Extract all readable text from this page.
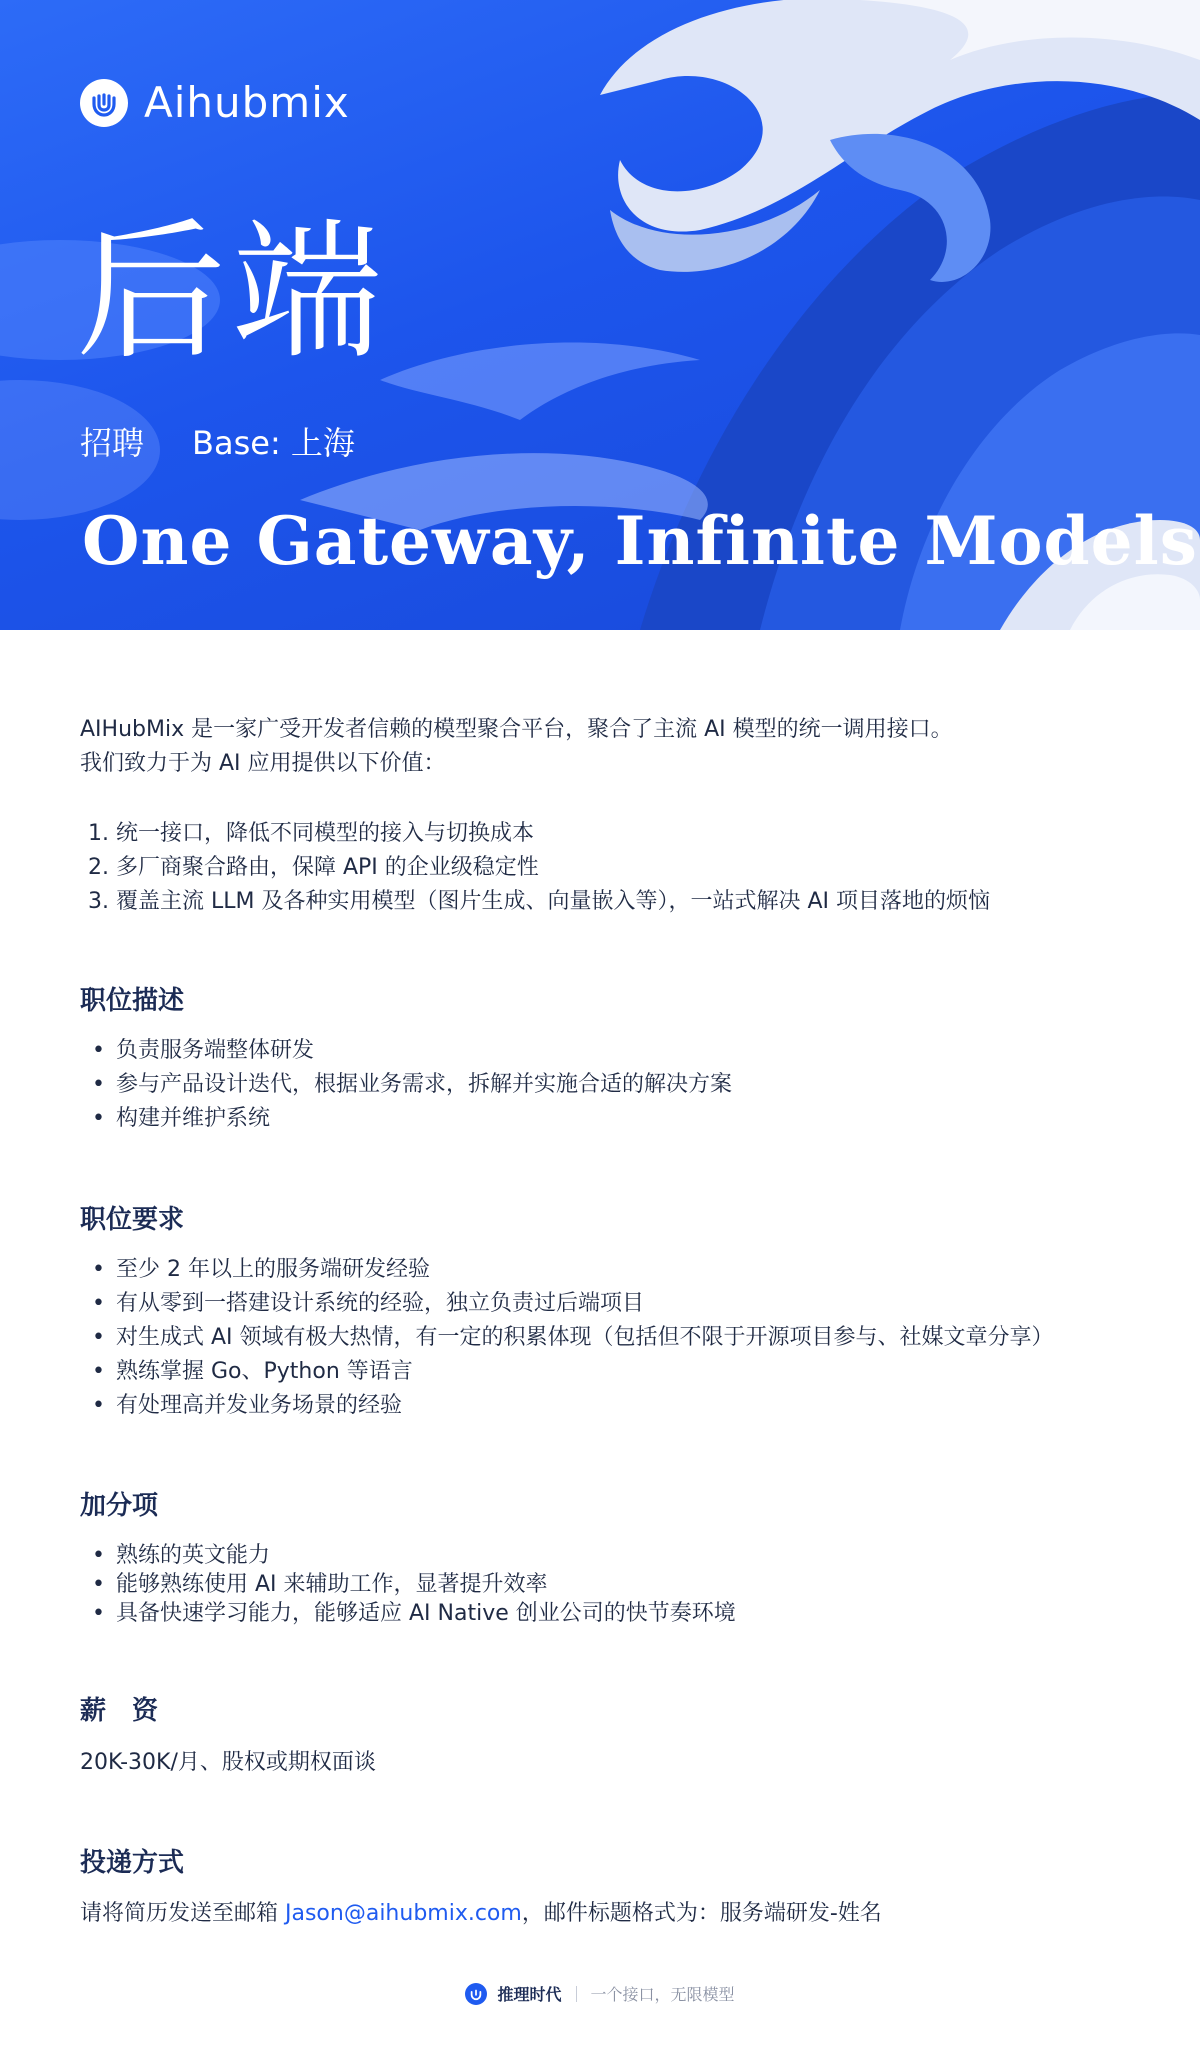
Aihubmix
后端
招聘 Base: 上海
One Gateway, Infinite Models
AIHubMix 是一家广受开发者信赖的模型聚合平台，聚合了主流 AI 模型的统一调用接口。
我们致力于为 AI 应用提供以下价值：
1. 统一接口，降低不同模型的接入与切换成本
2. 多厂商聚合路由，保障 API 的企业级稳定性
3. 覆盖主流 LLM 及各种实用模型（图片生成、向量嵌入等），一站式解决 AI 项目落地的烦恼
职位描述
• 负责服务端整体研发
• 参与产品设计迭代，根据业务需求，拆解并实施合适的解决方案
• 构建并维护系统
职位要求
• 至少 2 年以上的服务端研发经验
• 有从零到一搭建设计系统的经验，独立负责过后端项目
• 对生成式 AI 领域有极大热情，有一定的积累体现（包括但不限于开源项目参与、社媒文章分享）
• 熟练掌握 Go、Python 等语言
• 有处理高并发业务场景的经验
加分项
• 熟练的英文能力
• 能够熟练使用 AI 来辅助工作，显著提升效率
• 具备快速学习能力，能够适应 AI Native 创业公司的快节奏环境
薪　资
20K-30K/月、股权或期权面谈
投递方式
请将简历发送至邮箱 Jason@aihubmix.com，邮件标题格式为：服务端研发-姓名
推理时代 一个接口，无限模型
